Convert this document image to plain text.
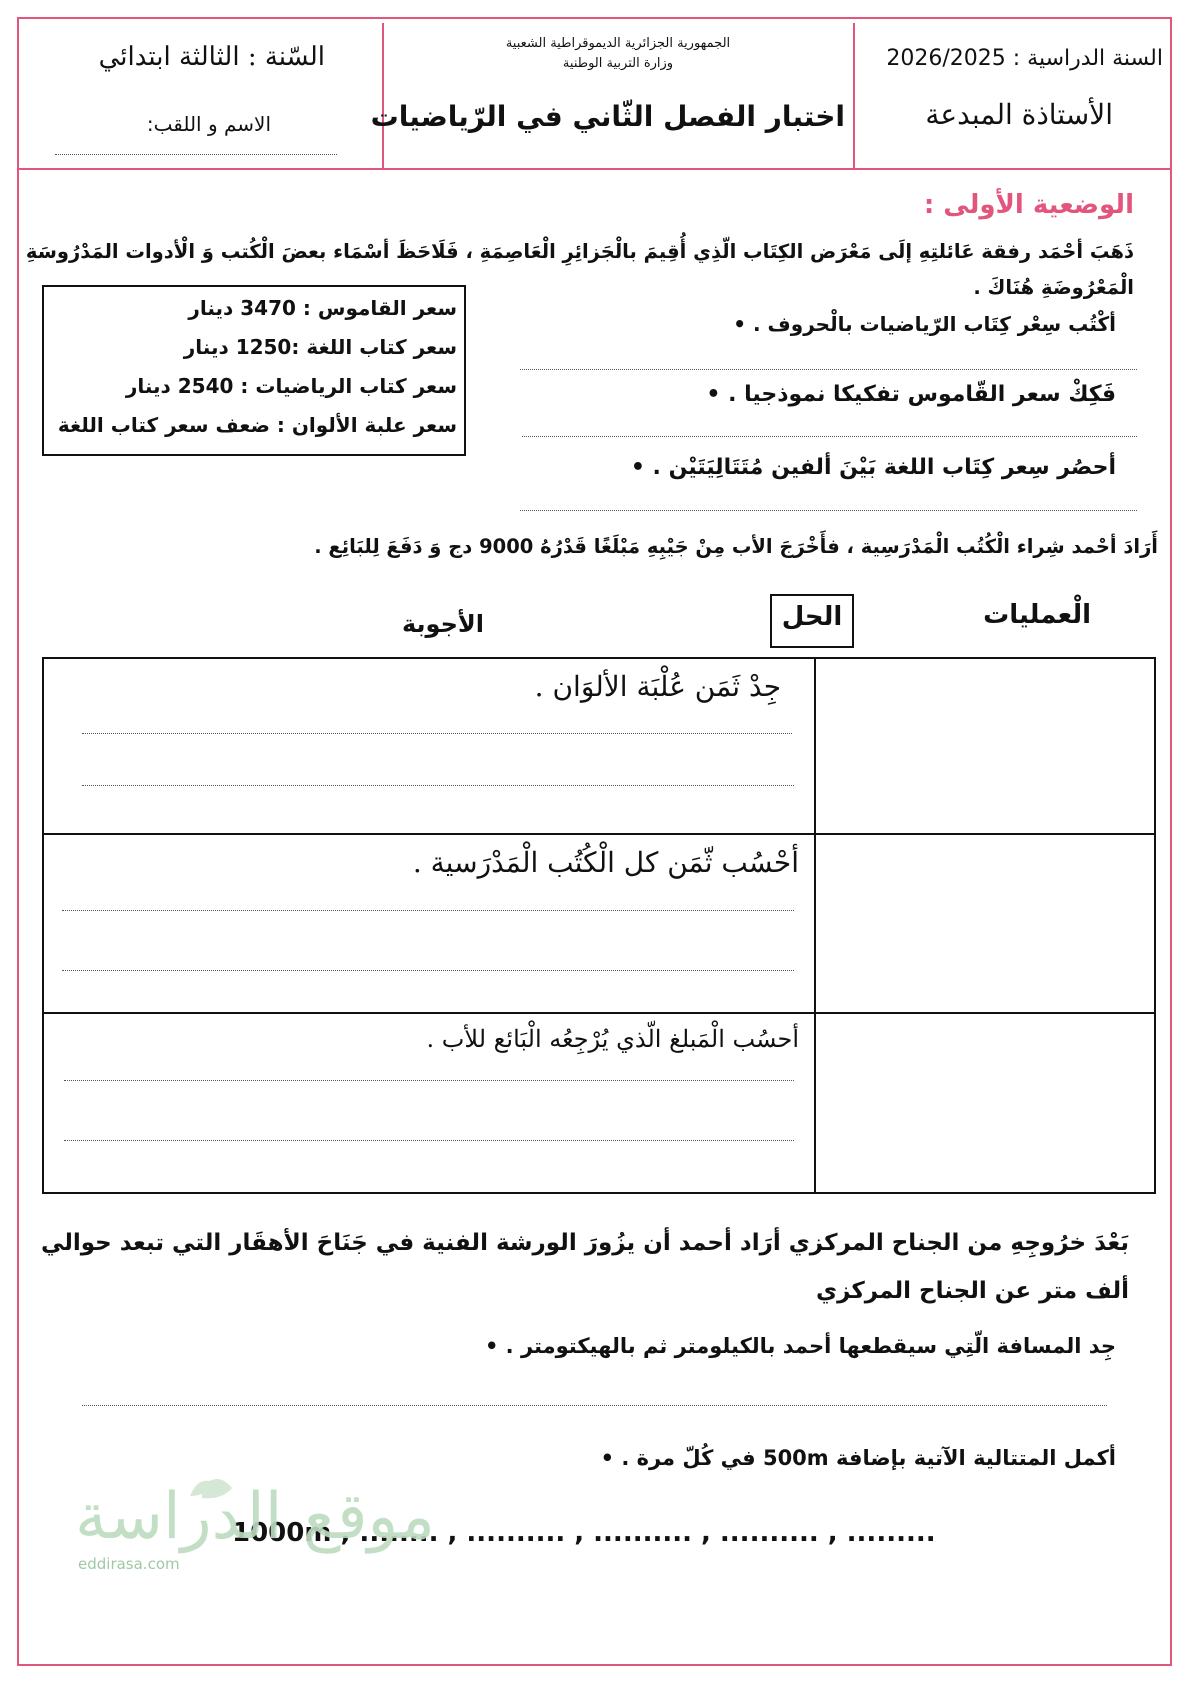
السنة الدراسية : 2026/2025
الأستاذة المبدعة
الجمهورية الجزائرية الديموقراطية الشعبية
وزارة التربية الوطنية
اختبار الفصل الثّاني في الرّياضيات
السّنة : الثالثة ابتدائي
الاسم و اللقب:
الوضعية الأولى :
ذَهَبَ أحْمَد رفقة عَائلتِهِ إلَى مَعْرَض الكِتَاب الّذِي أُقِيمَ بالْجَزائِرِ الْعَاصِمَةِ ، فَلَاحَظَ أسْمَاء بعضَ الْكُتب وَ الْأدوات المَدْرُوسَةِ
الْمَعْرُوضَةِ هُنَاكَ .
سعر القاموس : 3470 دينار
سعر كتاب اللغة :1250 دينار
سعر كتاب الرياضيات : 2540 دينار
سعر علبة الألوان : ضعف سعر كتاب اللغة
أكْتُب سِعْر كِتَاب الرّياضيات بالْحروف . •
فَكِكْ سعر القّاموس تفكيكا نموذجيا . •
أحصُر سِعر كِتَاب اللغة بَيْنَ ألفين مُتَتَالِيَتَيْن . •
أَرَادَ أحْمد شِراء الْكُتُب الْمَدْرَسِية ، فأَخْرَجَ الأب مِنْ جَيْبِهِ مَبْلَغًا قَدْرُهُ 9000 دج وَ دَفَعَ لِلبَائِع .
الْعمليات
الحل
الأجوبة
جِدْ ثَمَن عُلْبَة الألوَان .
أحْسُب ثّمَن كل الْكُتُب الْمَدْرَسية .
أحسُب الْمَبلغ الّذي يُرْجِعُه الْبَائع للأب .
بَعْدَ خرُوجِهِ من الجناح المركزي أرَاد أحمد أن يزُورَ الورشة الفنية في جَنَاحَ الأهقَار التي تبعد حوالي
ألف متر عن الجناح المركزي
جِد المسافة الّتِي سيقطعها أحمد بالكيلومتر ثم بالهيكتومتر . •
أكمل المتتالية الآتية بإضافة 500m في كُلّ مرة . •
1000m , ........ , .......... , .......... , .......... , .........
موقع الدراسة
eddirasa.com
